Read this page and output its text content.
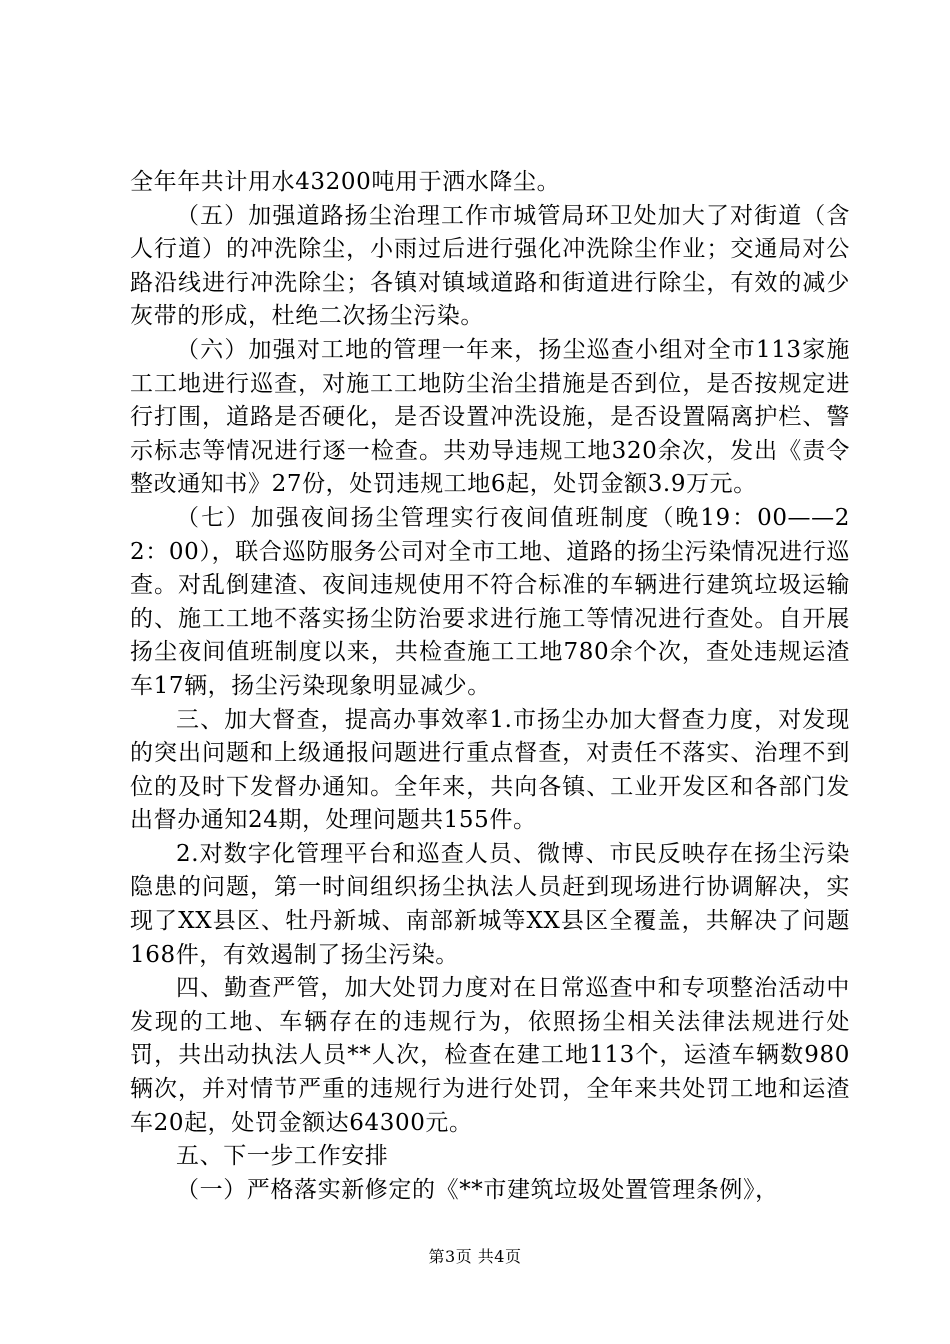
全年年共计用水43200吨用于洒水降尘。

（五）加强道路扬尘治理工作市城管局环卫处加大了对街道（含人行道）的冲洗除尘，小雨过后进行强化冲洗除尘作业；交通局对公路沿线进行冲洗除尘；各镇对镇域道路和街道进行除尘，有效的减少灰带的形成，杜绝二次扬尘污染。

（六）加强对工地的管理一年来，扬尘巡查小组对全市113家施工工地进行巡查，对施工工地防尘治尘措施是否到位，是否按规定进行打围，道路是否硬化，是否设置冲洗设施，是否设置隔离护栏、警示标志等情况进行逐一检查。共劝导违规工地320余次，发出《责令整改通知书》27份，处罚违规工地6起，处罚金额3.9万元。

（七）加强夜间扬尘管理实行夜间值班制度（晚19：00——22：00），联合巡防服务公司对全市工地、道路的扬尘污染情况进行巡查。对乱倒建渣、夜间违规使用不符合标准的车辆进行建筑垃圾运输的、施工工地不落实扬尘防治要求进行施工等情况进行查处。自开展扬尘夜间值班制度以来，共检查施工工地780余个次，查处违规运渣车17辆，扬尘污染现象明显减少。

三、加大督查，提高办事效率1.市扬尘办加大督查力度，对发现的突出问题和上级通报问题进行重点督查，对责任不落实、治理不到位的及时下发督办通知。全年来，共向各镇、工业开发区和各部门发出督办通知24期，处理问题共155件。

2.对数字化管理平台和巡查人员、微博、市民反映存在扬尘污染隐患的问题，第一时间组织扬尘执法人员赶到现场进行协调解决，实现了XX县区、牡丹新城、南部新城等XX县区全覆盖，共解决了问题168件，有效遏制了扬尘污染。

四、勤查严管，加大处罚力度对在日常巡查中和专项整治活动中发现的工地、车辆存在的违规行为，依照扬尘相关法律法规进行处罚，共出动执法人员**人次，检查在建工地113个，运渣车辆数980辆次，并对情节严重的违规行为进行处罚，全年来共处罚工地和运渣车20起，处罚金额达64300元。

五、下一步工作安排

（一）严格落实新修定的《**市建筑垃圾处置管理条例》，

第3页 共4页
